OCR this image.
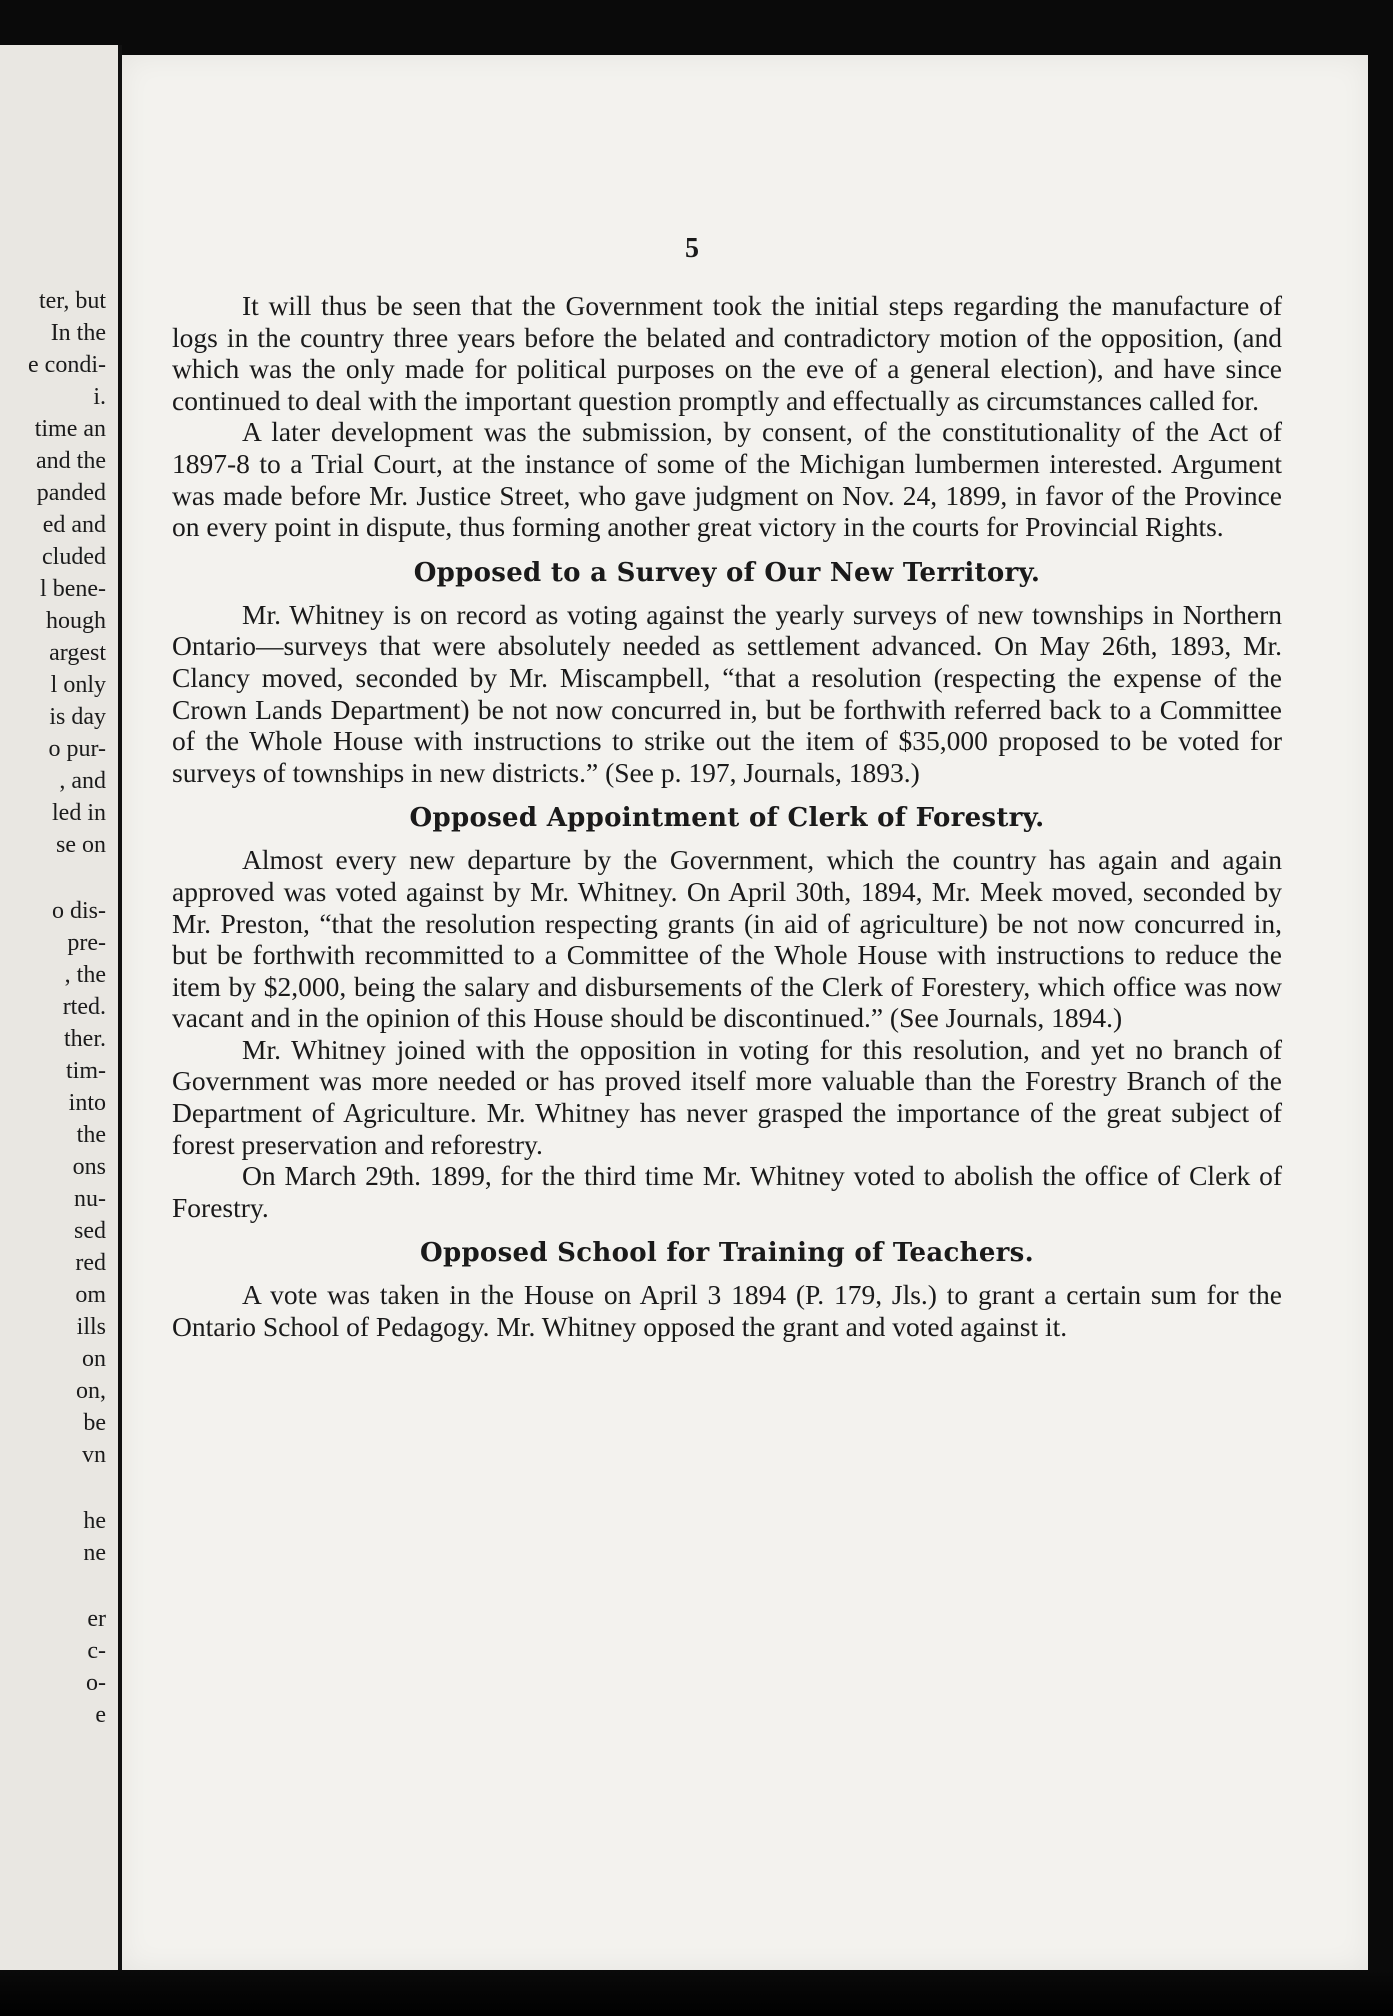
ter, but
In the
e condi-
i.
time an
and the
panded
ed and
cluded
l bene-
hough
argest
l only
is day
o pur-
, and
led in
se on
o dis-
pre-
, the
rted.
ther.
tim-
into
the
ons
nu-
sed
red
om
ills
on
on,
be
vn
he
ne
er
c-
o-
e
5

It will thus be seen that the Government took the initial steps regarding the manufacture of logs in the country three years before the belated and contradictory motion of the opposition, (and which was the only made for political purposes on the eve of a general election), and have since continued to deal with the important question promptly and effectually as circumstances called for.

A later development was the submission, by consent, of the constitutionality of the Act of 1897-8 to a Trial Court, at the instance of some of the Michigan lumbermen interested. Argument was made before Mr. Justice Street, who gave judgment on Nov. 24, 1899, in favor of the Province on every point in dispute, thus forming another great victory in the courts for Provincial Rights.

Opposed to a Survey of Our New Territory.

Mr. Whitney is on record as voting against the yearly surveys of new townships in Northern Ontario—surveys that were absolutely needed as settlement advanced. On May 26th, 1893, Mr. Clancy moved, seconded by Mr. Miscampbell, “that a resolution (respecting the expense of the Crown Lands Department) be not now concurred in, but be forthwith referred back to a Committee of the Whole House with instructions to strike out the item of $35,000 proposed to be voted for surveys of townships in new districts.” (See p. 197, Journals, 1893.)

Opposed Appointment of Clerk of Forestry.

Almost every new departure by the Government, which the country has again and again approved was voted against by Mr. Whitney. On April 30th, 1894, Mr. Meek moved, seconded by Mr. Preston, “that the resolution respecting grants (in aid of agriculture) be not now concurred in, but be forthwith recommitted to a Committee of the Whole House with instructions to reduce the item by $2,000, being the salary and disbursements of the Clerk of Forestery, which office was now vacant and in the opinion of this House should be discontinued.” (See Journals, 1894.)

Mr. Whitney joined with the opposition in voting for this resolution, and yet no branch of Government was more needed or has proved itself more valuable than the Forestry Branch of the Department of Agriculture. Mr. Whitney has never grasped the importance of the great subject of forest preservation and reforestry.

On March 29th. 1899, for the third time Mr. Whitney voted to abolish the office of Clerk of Forestry.

Opposed School for Training of Teachers.

A vote was taken in the House on April 3 1894 (P. 179, Jls.) to grant a certain sum for the Ontario School of Pedagogy. Mr. Whitney opposed the grant and voted against it.
